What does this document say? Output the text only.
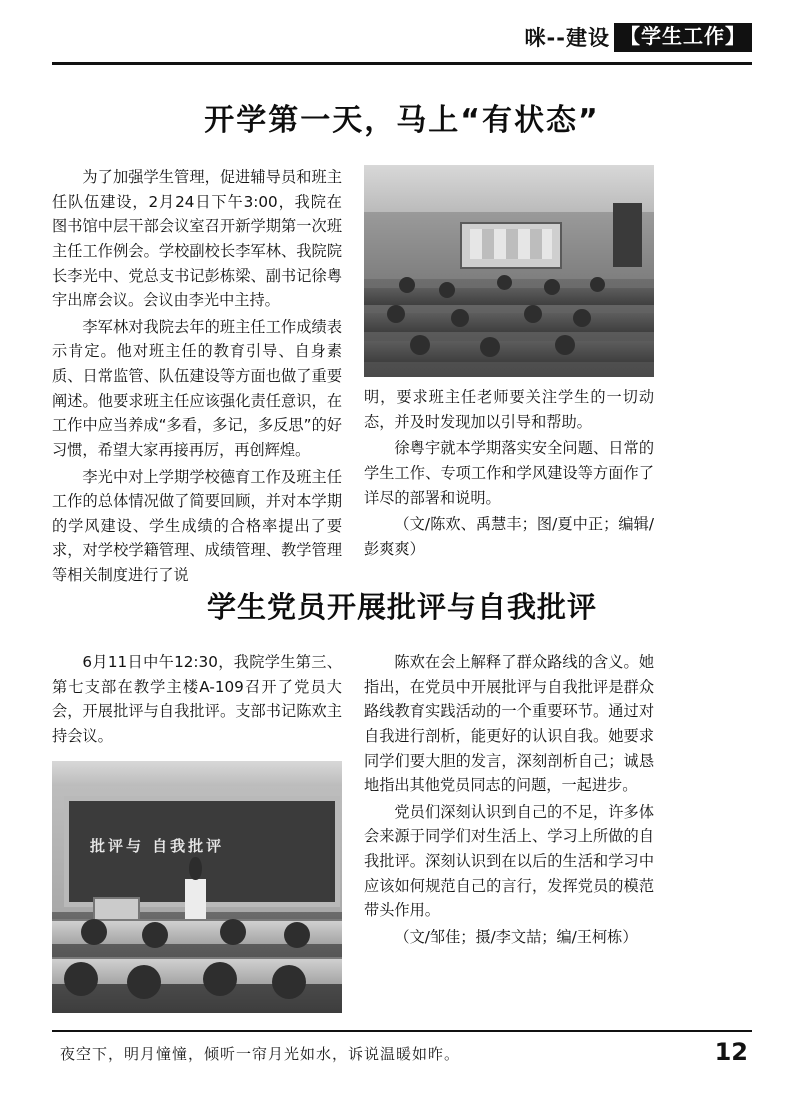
咪--建设 【学生工作】
开学第一天，马上“有状态”

为了加强学生管理，促进辅导员和班主任队伍建设，2月24日下午3:00，我院在图书馆中层干部会议室召开新学期第一次班主任工作例会。学校副校长李军林、我院院长李光中、党总支书记彭栋梁、副书记徐粤宇出席会议。会议由李光中主持。

李军林对我院去年的班主任工作成绩表示肯定。他对班主任的教育引导、自身素质、日常监管、队伍建设等方面也做了重要阐述。他要求班主任应该强化责任意识，在工作中应当养成“多看，多记，多反思”的好习惯，希望大家再接再厉，再创辉煌。

李光中对上学期学校德育工作及班主任工作的总体情况做了简要回顾，并对本学期的学风建设、学生成绩的合格率提出了要求，对学校学籍管理、成绩管理、教学管理等相关制度进行了说

明，要求班主任老师要关注学生的一切动态，并及时发现加以引导和帮助。

徐粤宇就本学期落实安全问题、日常的学生工作、专项工作和学风建设等方面作了详尽的部署和说明。

（文/陈欢、禹慧丰；图/夏中正；编辑/彭爽爽）

学生党员开展批评与自我批评

6月11日中午12:30，我院学生第三、第七支部在教学主楼A-109召开了党员大会，开展批评与自我批评。支部书记陈欢主持会议。

批评与 自我批评

陈欢在会上解释了群众路线的含义。她指出，在党员中开展批评与自我批评是群众路线教育实践活动的一个重要环节。通过对自我进行剖析，能更好的认识自我。她要求同学们要大胆的发言，深刻剖析自己；诚恳地指出其他党员同志的问题，一起进步。

党员们深刻认识到自己的不足，许多体会来源于同学们对生活上、学习上所做的自我批评。深刻认识到在以后的生活和学习中应该如何规范自己的言行，发挥党员的模范带头作用。

（文/邹佳；摄/李文喆；编/王柯栋）

夜空下，明月憧憧，倾听一帘月光如水，诉说温暖如昨。	12
